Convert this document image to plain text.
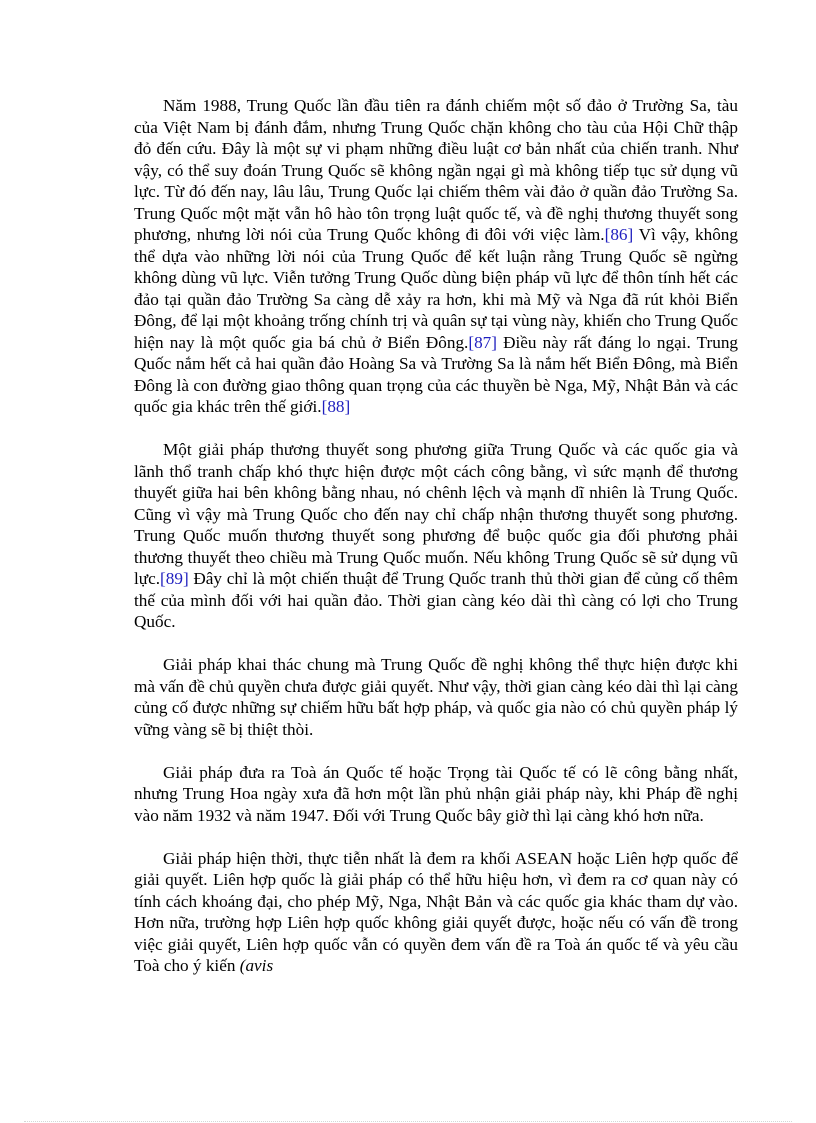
Năm 1988, Trung Quốc lần đầu tiên ra đánh chiếm một số đảo ở Trường Sa, tàu của Việt Nam bị đánh đắm, nhưng Trung Quốc chặn không cho tàu của Hội Chữ thập đỏ đến cứu. Đây là một sự vi phạm những điều luật cơ bản nhất của chiến tranh. Như vậy, có thể suy đoán Trung Quốc sẽ không ngần ngại gì mà không tiếp tục sử dụng vũ lực. Từ đó đến nay, lâu lâu, Trung Quốc lại chiếm thêm vài đảo ở quần đảo Trường Sa. Trung Quốc một mặt vẫn hô hào tôn trọng luật quốc tế, và đề nghị thương thuyết song phương, nhưng lời nói của Trung Quốc không đi đôi với việc làm.[86] Vì vậy, không thể dựa vào những lời nói của Trung Quốc để kết luận rằng Trung Quốc sẽ ngừng không dùng vũ lực. Viễn tưởng Trung Quốc dùng biện pháp vũ lực để thôn tính hết các đảo tại quần đảo Trường Sa càng dễ xảy ra hơn, khi mà Mỹ và Nga đã rút khỏi Biển Đông, để lại một khoảng trống chính trị và quân sự tại vùng này, khiến cho Trung Quốc hiện nay là một quốc gia bá chủ ở Biển Đông.[87] Điều này rất đáng lo ngại. Trung Quốc nắm hết cả hai quần đảo Hoàng Sa và Trường Sa là nắm hết Biển Đông, mà Biển Đông là con đường giao thông quan trọng của các thuyền bè Nga, Mỹ, Nhật Bản và các quốc gia khác trên thế giới.[88]

Một giải pháp thương thuyết song phương giữa Trung Quốc và các quốc gia và lãnh thổ tranh chấp khó thực hiện được một cách công bằng, vì sức mạnh để thương thuyết giữa hai bên không bằng nhau, nó chênh lệch và mạnh dĩ nhiên là Trung Quốc. Cũng vì vậy mà Trung Quốc cho đến nay chỉ chấp nhận thương thuyết song phương. Trung Quốc muốn thương thuyết song phương để buộc quốc gia đối phương phải thương thuyết theo chiều mà Trung Quốc muốn. Nếu không Trung Quốc sẽ sử dụng vũ lực.[89] Đây chỉ là một chiến thuật để Trung Quốc tranh thủ thời gian để củng cố thêm thế của mình đối với hai quần đảo. Thời gian càng kéo dài thì càng có lợi cho Trung Quốc.

Giải pháp khai thác chung mà Trung Quốc đề nghị không thể thực hiện được khi mà vấn đề chủ quyền chưa được giải quyết. Như vậy, thời gian càng kéo dài thì lại càng củng cố được những sự chiếm hữu bất hợp pháp, và quốc gia nào có chủ quyền pháp lý vững vàng sẽ bị thiệt thòi.

Giải pháp đưa ra Toà án Quốc tế hoặc Trọng tài Quốc tế có lẽ công bằng nhất, nhưng Trung Hoa ngày xưa đã hơn một lần phủ nhận giải pháp này, khi Pháp đề nghị vào năm 1932 và năm 1947. Đối với Trung Quốc bây giờ thì lại càng khó hơn nữa.

Giải pháp hiện thời, thực tiễn nhất là đem ra khối ASEAN hoặc Liên hợp quốc để giải quyết. Liên hợp quốc là giải pháp có thể hữu hiệu hơn, vì đem ra cơ quan này có tính cách khoáng đại, cho phép Mỹ, Nga, Nhật Bản và các quốc gia khác tham dự vào. Hơn nữa, trường hợp Liên hợp quốc không giải quyết được, hoặc nếu có vấn đề trong việc giải quyết, Liên hợp quốc vẫn có quyền đem vấn đề ra Toà án quốc tế và yêu cầu Toà cho ý kiến (avis
